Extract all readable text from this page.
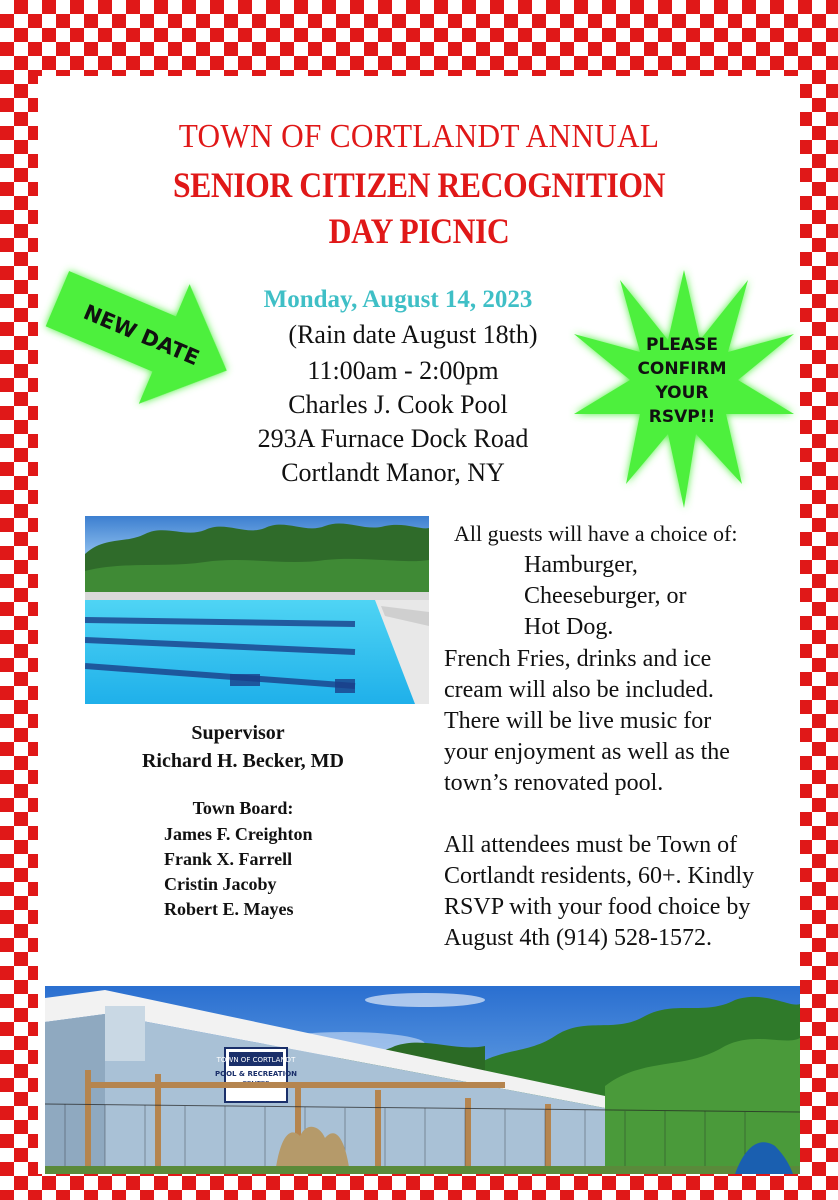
TOWN OF CORTLANDT ANNUAL
SENIOR CITIZEN RECOGNITION
DAY PICNIC
NEW DATE	PLEASE
CONFIRM
YOUR
RSVP!!
Monday, August 14, 2023
(Rain date August 18th)
11:00am - 2:00pm
Charles J. Cook Pool
293A Furnace Dock Road
Cortlandt Manor, NY
Supervisor
Richard H. Becker, MD
Town Board:
James F. Creighton
Frank X. Farrell
Cristin Jacoby
Robert E. Mayes
All guests will have a choice of:
Hamburger,
Cheeseburger, or
Hot Dog.
French Fries, drinks and ice
cream will also be included.
There will be live music for
your enjoyment as well as the
town’s renovated pool.
All attendees must be Town of
Cortlandt residents, 60+. Kindly
RSVP with your food choice by
August 4th (914) 528-1572.
TOWN OF CORTLANDT
POOL & RECREATION
